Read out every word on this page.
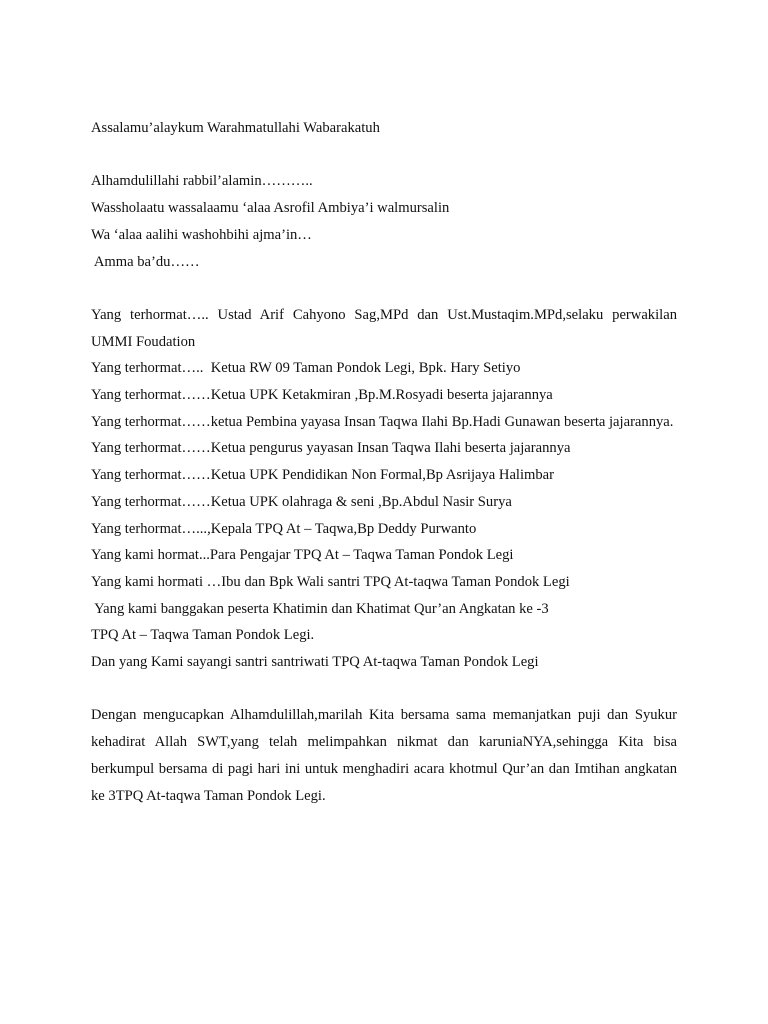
Assalamu’alaykum Warahmatullahi Wabarakatuh

Alhamdulillahi rabbil’alamin………..

Wassholaatu wassalaamu ‘alaa Asrofil Ambiya’i walmursalin

Wa ‘alaa aalihi washohbihi ajma’in…

Amma ba’du……

Yang terhormat….. Ustad Arif Cahyono Sag,MPd dan Ust.Mustaqim.MPd,selaku perwakilan UMMI Foudation

Yang terhormat…..  Ketua RW 09 Taman Pondok Legi, Bpk. Hary Setiyo

Yang terhormat……Ketua UPK Ketakmiran ,Bp.M.Rosyadi beserta jajarannya

Yang terhormat……ketua Pembina yayasa Insan Taqwa Ilahi Bp.Hadi Gunawan beserta jajarannya.

Yang terhormat……Ketua pengurus yayasan Insan Taqwa Ilahi beserta jajarannya

Yang terhormat……Ketua UPK Pendidikan Non Formal,Bp Asrijaya Halimbar

Yang terhormat……Ketua UPK olahraga & seni ,Bp.Abdul Nasir Surya

Yang terhormat…...,Kepala TPQ At – Taqwa,Bp Deddy Purwanto

Yang kami hormat...Para Pengajar TPQ At – Taqwa Taman Pondok Legi

Yang kami hormati …Ibu dan Bpk Wali santri TPQ At-taqwa Taman Pondok Legi

Yang kami banggakan peserta Khatimin dan Khatimat Qur’an Angkatan ke -3

TPQ At – Taqwa Taman Pondok Legi.

Dan yang Kami sayangi santri santriwati TPQ At-taqwa Taman Pondok Legi

Dengan mengucapkan Alhamdulillah,marilah Kita bersama sama memanjatkan puji dan Syukur kehadirat Allah SWT,yang telah melimpahkan nikmat dan karuniaNYA,sehingga Kita bisa berkumpul bersama di pagi hari ini untuk menghadiri acara khotmul Qur’an dan Imtihan angkatan ke 3TPQ At-taqwa Taman Pondok Legi.
